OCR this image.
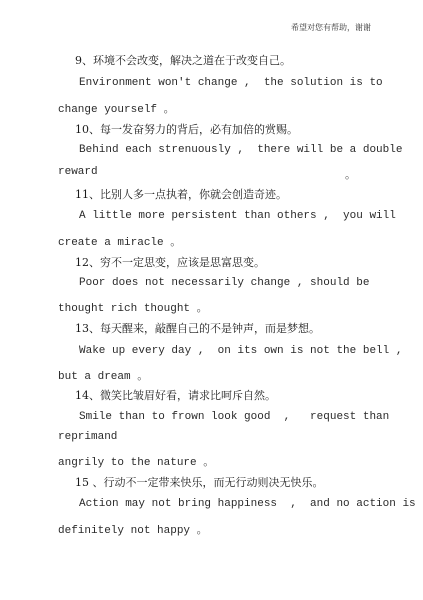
希望对您有帮助，谢谢
9、环境不会改变，解决之道在于改变自己。
Environment won't change ,  the solution is to
change yourself 。
10、每一发奋努力的背后，必有加倍的赏赐。
Behind each strenuously ,  there will be a double
reward	。
11、比别人多一点执着，你就会创造奇迹。
A little more persistent than others ,  you will
create a miracle 。
12、穷不一定思变，应该是思富思变。
Poor does not necessarily change , should be
thought rich thought 。
13、每天醒来，敲醒自己的不是钟声，而是梦想。
Wake up every day ,  on its own is not the bell ,
but a dream 。
14、微笑比皱眉好看，请求比呵斥自然。
Smile than to frown look good  ,   request than
reprimand
angrily to the nature 。
15 、行动不一定带来快乐，而无行动则决无快乐。
Action may not bring happiness  ,  and no action is
definitely not happy 。
